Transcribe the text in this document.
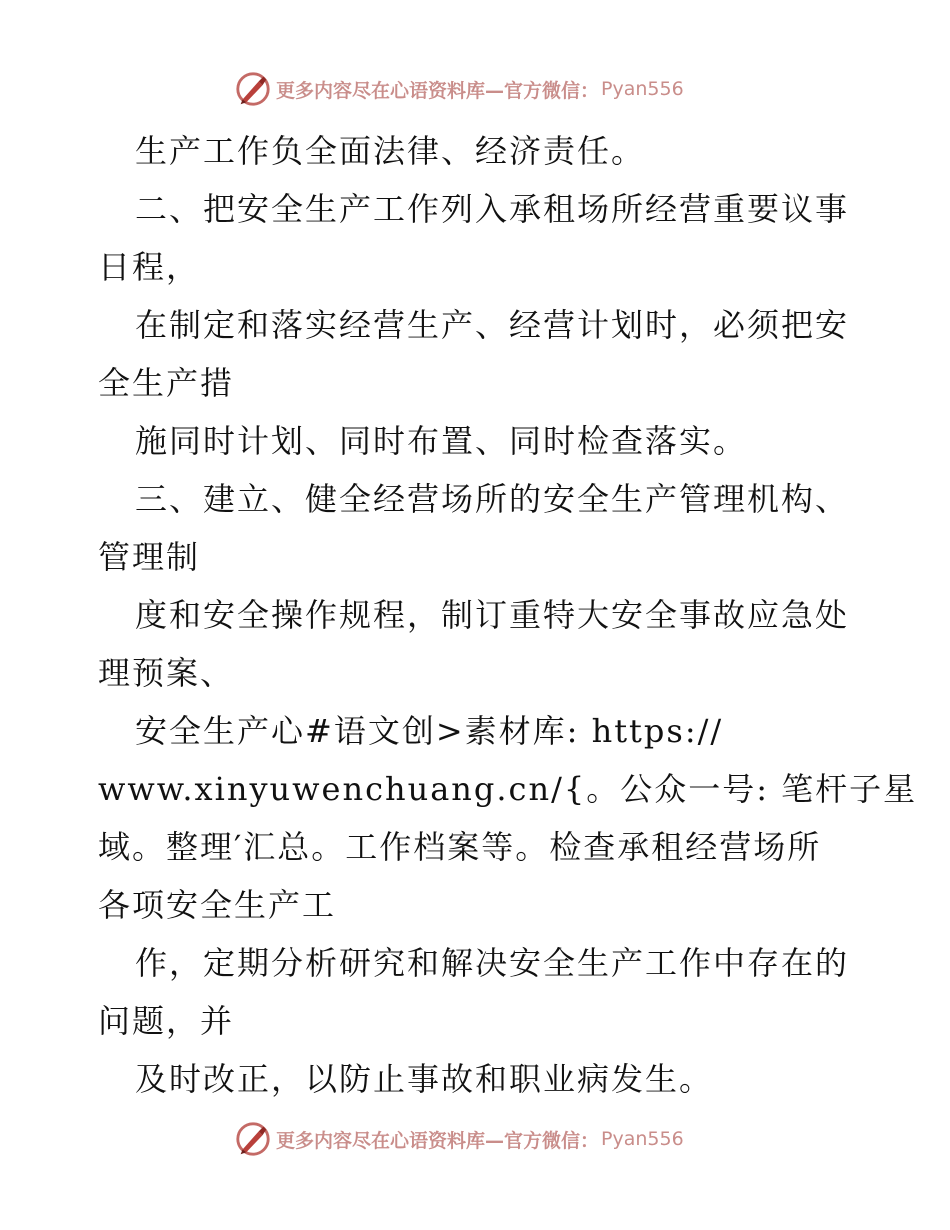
更多内容尽在心语资料库—官方微信： Pyan556
生产工作负全面法律、经济责任。
二、把安全生产工作列入承租场所经营重要议事
日程，
在制定和落实经营生产、经营计划时，必须把安
全生产措
施同时计划、同时布置、同时检查落实。
三、建立、健全经营场所的安全生产管理机构、
管理制
度和安全操作规程，制订重特大安全事故应急处
理预案、
安全生产心#语文创>素材库: https://
www.xinyuwenchuang.cn/{。公众一号: 笔杆子星
域。整理′汇总。工作档案等。检查承租经营场所
各项安全生产工
作，定期分析研究和解决安全生产工作中存在的
问题，并
及时改正，以防止事故和职业病发生。
更多内容尽在心语资料库—官方微信： Pyan556
